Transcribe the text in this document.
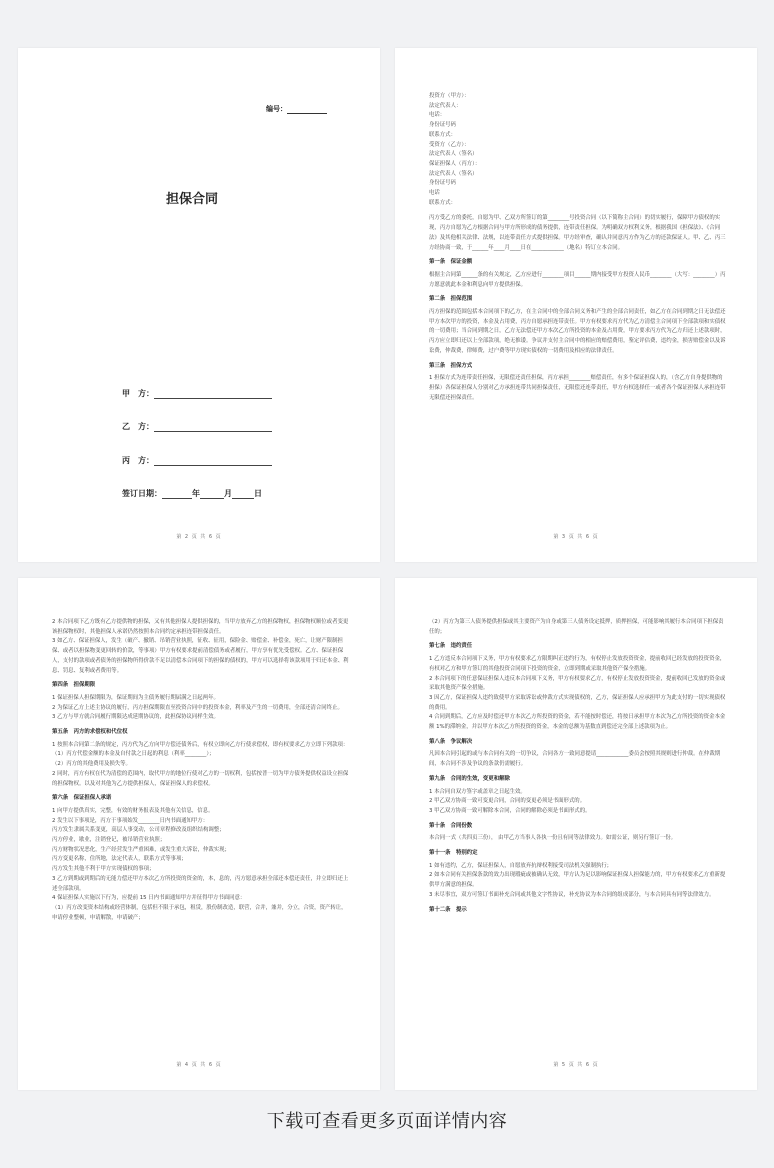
编号：
担保合同
甲　方：
乙　方：
丙　方：
签订日期：	年	月	日
第 2 页 共 6 页

投资方（甲方）：

法定代表人：

电话：

身份证号码

联系方式：

受资方（乙方）：

法定代表人（签名）

保证担保人（丙方）：

法定代表人（签名）

身份证号码

电话

联系方式：

丙方受乙方的委托，自愿为甲、乙双方所签订的第________号投资合同（以下简称主合同）的切实履行，保障甲方债权的实现，丙方自愿为乙方根据合同与甲方所形成的债务提供，连带责任担保。为明确双方权利义务，根据我国《担保法》、《合同法》及其他相关法律、法规，以连带责任方式提供担保。甲方经审查，确认并同意丙方作为乙方的还款保证人。甲、乙、丙三方经协商一致，于______年____月____日在____________（地名）特订立本合同。

第一条　保证金额

根据主合同第______条的有关规定，乙方应进行________项目______期内接受甲方投资人民币________（大写：________）丙方愿意就此本金和利息向甲方提供担保。

第二条　担保范围

丙方担保的范围包括本合同项下的乙方，在主合同中的全部合同义务和产生的全部合同责任，如乙方在合同到期之日无法偿还甲方本次甲方的投资，本金及占用费，丙方自愿承担连带责任。甲方有权要求丙方代为乙方清偿主合同项下全部款项和实债权的一切费用；当合同到期之日，乙方无法偿还甲方本次乙方所投资的本金及占用费，甲方要求丙方代为乙方归还上述款项时，丙方应立即归还以上全部款项，绝无推诿。争议并支付主合同中的相应的赔偿费用，鉴定评估费，违约金，损害赔偿金以及诉讼费，仲裁费，律师费，过户费等甲方现实债权的一切费用及相应的法律责任。

第三条　担保方式

1 担保方式为连带责任担保，无限偿还责任担保，丙方承担________赔偿责任，有多个保证担保人的，（含乙方自身提供物的担保）各保证担保人分别对乙方承担连带共同担保责任，无限偿还连带责任，甲方有权选择任一或者各个保证担保人承担连带无限偿还担保责任。

第 3 页 共 6 页

2 本合同项下乙方既有乙方提供物的担保，又有其他担保人提供担保的，当甲方放弃乙方的担保物权，担保物权顺位或者变更该担保物权时，其他担保人承诺仍然按照本合同约定承担连带担保责任。

3 如乙方、保证担保人，发生（破产、撤销、吊销营业执照，征收、征用，保险金、赔偿金、补偿金，死亡，让财产限制担保、或者以担保物变更回转的价款，等事项）甲方有权要求提前清偿债务或者履行，甲方享有优先受偿权。乙方、保证担保人，支付的款项或者债务的担保物所得价款不足以清偿本合同项下的担保的债权的，甲方可以选择将该款项用于归还本金、利息、罚息、复利或者费用等。

第四条　担保期限

1 保证担保人担保期限为，保证期间为主债务履行期届满之日起两年。

2 为保证乙方上述主协议的履行，丙方担保期限直至投资合同中的投资本金，利率及产生的一切费用，全部还清合同终止。

3 乙方与甲方就合同履行期限达成延期协议的，此担保协议同样生效。

第五条　丙方的求偿权和代位权

1 按照本合同第二条的规定，丙方代为乙方向甲方偿还债务后，有权立即向乙方行使求偿权，即有权要求乙方立即下列款项：

（1）丙方代偿金额的本金及自付款之日起的利息（利率________）；

（2）丙方的其他费用及损失等。

2 同时，丙方有权在代为清偿的范围内，取代甲方的地位行使对乙方的一切权利，包括按普一切为甲方债务提供权益设立担保的担保物权。以及对其他为乙方提供担保人，保证担保人的求偿权。

第六条　保证担保人承诺

1 向甲方提供真实，完整，有效的财务报表及其他有关信息，信息。

2 发生以下事项是，丙方于事项始发________日内书面通知甲方：

丙方发生隶属关系变更，高层人事变动，公司章程修改及组织结构调整；

丙方停业，歇业，注销登记，被吊销营业执照；

丙方财物状况恶化，生产经营发生严重困难，或发生重大诉讼，仲裁实现；

丙方变更名称，住所地，法定代表人，联系方式等事项；

丙方发生其他不利于甲方实现债权的事项；

3 乙方到期或到期后的无能力偿还甲方本次乙方所投资的资金的，本，息的，丙方愿意承担全部还本偿还责任，并立即归还上述全部款项。

4 保证担保人实施以下行为，应提前 15 日内书面通知甲方并征得甲方书面同意：

（1）丙方改变资本结构或经营体制，包括但不限于承包，租赁，股份制改造，联营，合并，兼并，分立，合资，资产转让，申请停业整顿，申请解散，申请破产；

第 4 页 共 6 页

（2）丙方为第三人债务提供担保或其主要资产为自身或第三人债务设定抵押，质押担保，可能影响其履行本合同项下担保责任的；

第七条　违约责任

1 乙方违反本合同项下义务，甲方有权要求乙方限期纠正违约行为，有权停止发放投资资金，提前收回已经发放的投资资金，有权对乙方和甲方签订的其他投资合同项下投资的资金，立即到期或采取其他资产保全措施。

2 本合同项下的任意保证担保人违反本合同项下义务，甲方有权要求乙方，有权停止发放投资资金，提前收回已发放的资金或采取其他资产保全措施。

3 因乙方，保证担保人违约致使甲方采取诉讼或仲裁方式实现债权的，乙方，保证担保人应承担甲方为此支付的一切实现债权的费用。

4 合同到期后，乙方应及时偿还甲方本次乙方所投资的资金，若不能按时偿还，将按日承担甲方本次为乙方所投资的资金本金额 1%的滞纳金，并以甲方本次乙方所投资的资金，本金的总额为基数直到偿还完全部上述款项为止。

第八条　争议解决

凡因本合同引起的或与本合同有关的一切争议，合同各方一致同意提请____________委员会按照其规则进行仲裁。在仲裁期间，本合同不涉及争议的条款仍需履行。

第九条　合同的生效，变更和解除

1 本合同自双方签字或盖章之日起生效。

2 甲乙双方协商一致可变更合同，合同的变更必须是书面形式的。

3 甲乙双方协商一致可解除本合同，合同的解除必须是书面形式的。

第十条　合同份数

本合同一式（共四页三份）， 由甲乙方当事人各执一份且有同等法律效力。如需公证，则另行签订一份。

第十一条　特别约定

1 如有违约，乙方，保证担保人，自愿放弃抗辩权利接受司法机关强制执行；

2 如本合同有关担保条款的效力出现瑕疵或被确认无效，甲方认为足以影响保证担保人担保能力的，甲方有权要求乙方重新提供甲方满意的担保。

3 未尽事宜，双方可签订书面补充合同或其他文字性协议，补充协议为本合同的组成部分，与本合同具有同等法律效力。

第十二条　提示

第 5 页 共 6 页
下载可查看更多页面详情内容
